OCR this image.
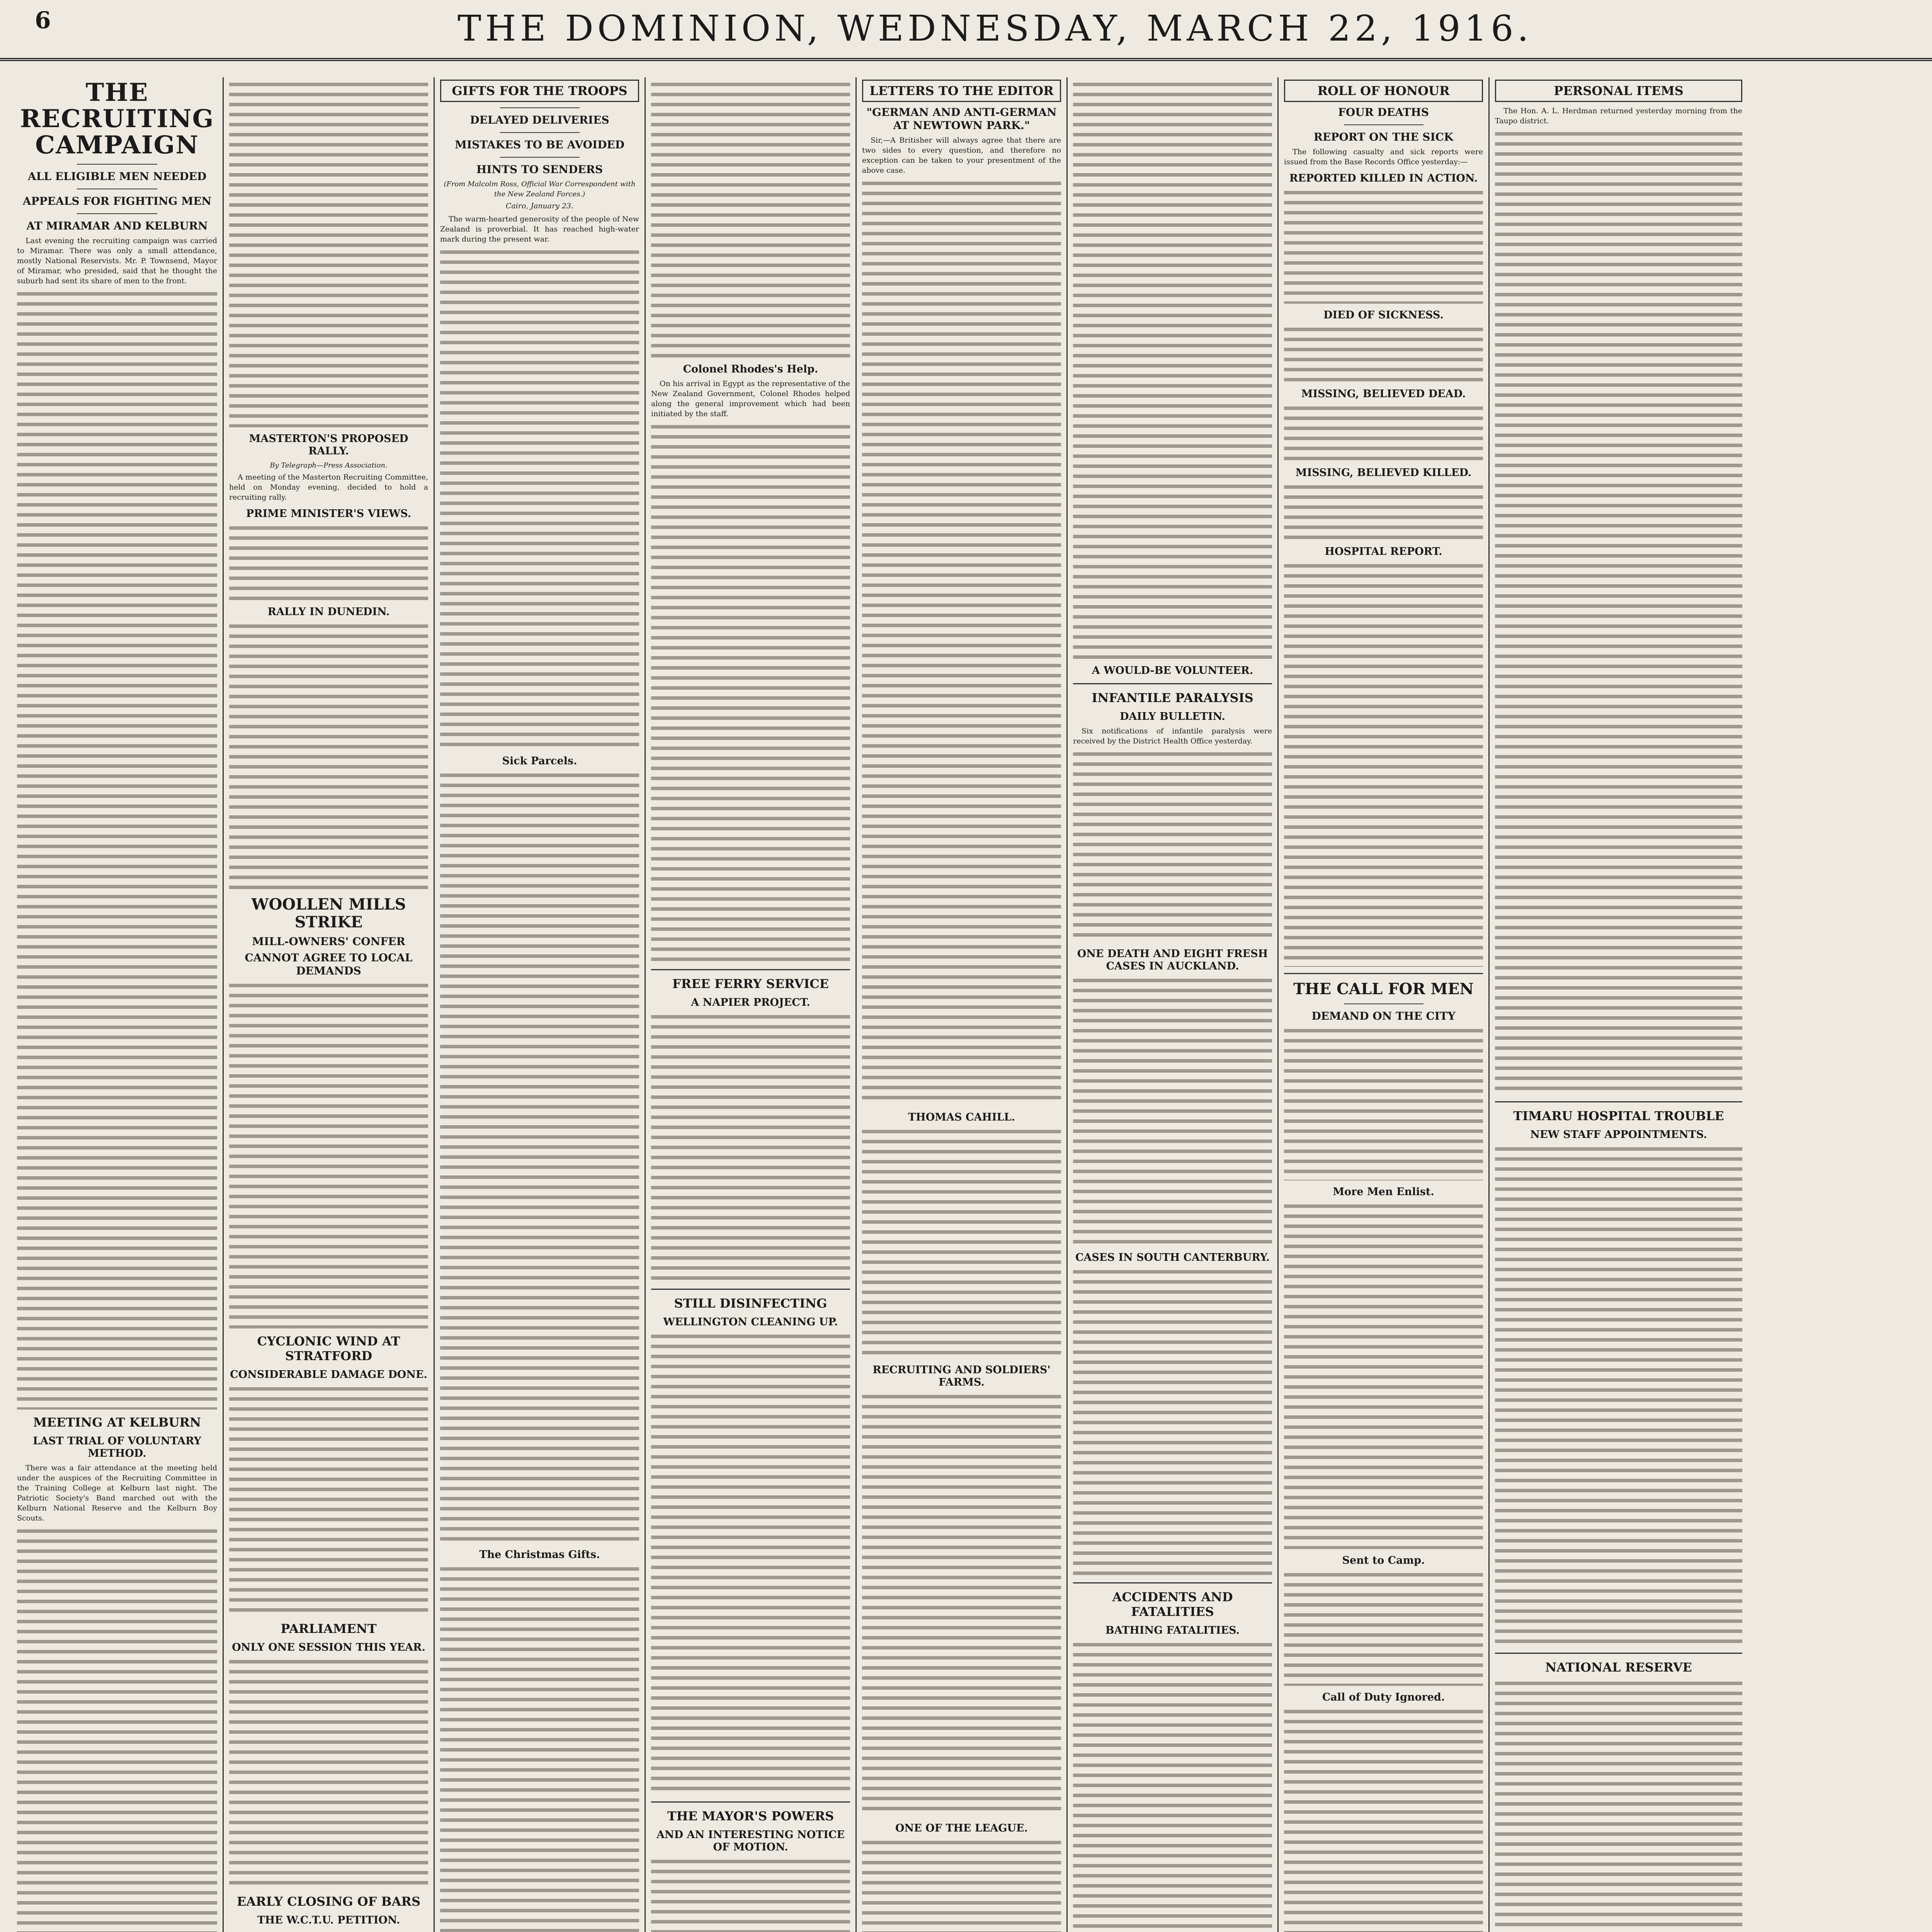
6	THE DOMINION, WEDNESDAY, MARCH 22, 1916.
THE RECRUITING CAMPAIGN
ALL ELIGIBLE MEN NEEDED
APPEALS FOR FIGHTING MEN
AT MIRAMAR AND KELBURN

Last evening the recruiting campaign was carried to Miramar. There was only a small attendance, mostly National Reservists. Mr. P. Townsend, Mayor of Miramar, who presided, said that he thought the suburb had sent its share of men to the front.

MEETING AT KELBURN
LAST TRIAL OF VOLUNTARY METHOD.

There was a fair attendance at the meeting held under the auspices of the Recruiting Committee in the Training College at Kelburn last night. The Patriotic Society's Band marched out with the Kelburn National Reserve and the Kelburn Boy Scouts.

MASTERTON'S PROPOSED RALLY.
By Telegraph—Press Association.

A meeting of the Masterton Recruiting Committee, held on Monday evening, decided to hold a recruiting rally.

PRIME MINISTER'S VIEWS.
RALLY IN DUNEDIN.
WOOLLEN MILLS STRIKE
MILL-OWNERS' CONFER
CANNOT AGREE TO LOCAL DEMANDS
CYCLONIC WIND AT STRATFORD
CONSIDERABLE DAMAGE DONE.
PARLIAMENT
ONLY ONE SESSION THIS YEAR.
EARLY CLOSING OF BARS
THE W.C.T.U. PETITION.
GIFTS FOR THE TROOPS
DELAYED DELIVERIES
MISTAKES TO BE AVOIDED
HINTS TO SENDERS
(From Malcolm Ross, Official War Correspondent with the New Zealand Forces.)
Cairo, January 23.

The warm-hearted generosity of the people of New Zealand is proverbial. It has reached high-water mark during the present war.

Sick Parcels.
The Christmas Gifts.
Colonel Rhodes's Help.

On his arrival in Egypt as the representative of the New Zealand Government, Colonel Rhodes helped along the general improvement which had been initiated by the staff.

FREE FERRY SERVICE
A NAPIER PROJECT.
STILL DISINFECTING
WELLINGTON CLEANING UP.
THE MAYOR'S POWERS
AND AN INTERESTING NOTICE OF MOTION.
LETTERS TO THE EDITOR
"GERMAN AND ANTI-GERMAN AT NEWTOWN PARK."

Sir,—A Britisher will always agree that there are two sides to every question, and therefore no exception can be taken to your presentment of the above case.

THOMAS CAHILL.
RECRUITING AND SOLDIERS' FARMS.
ONE OF THE LEAGUE.
A WOULD-BE VOLUNTEER.
INFANTILE PARALYSIS
DAILY BULLETIN.

Six notifications of infantile paralysis were received by the District Health Office yesterday.

ONE DEATH AND EIGHT FRESH CASES IN AUCKLAND.
CASES IN SOUTH CANTERBURY.
ACCIDENTS AND FATALITIES
BATHING FATALITIES.
ROLL OF HONOUR
FOUR DEATHS
REPORT ON THE SICK

The following casualty and sick reports were issued from the Base Records Office yesterday:—

REPORTED KILLED IN ACTION.
DIED OF SICKNESS.
MISSING, BELIEVED DEAD.
MISSING, BELIEVED KILLED.
HOSPITAL REPORT.
THE CALL FOR MEN
DEMAND ON THE CITY
More Men Enlist.
Sent to Camp.
Call of Duty Ignored.
PERSONAL ITEMS

The Hon. A. L. Herdman returned yesterday morning from the Taupo district.

TIMARU HOSPITAL TROUBLE
NEW STAFF APPOINTMENTS.
NATIONAL RESERVE
